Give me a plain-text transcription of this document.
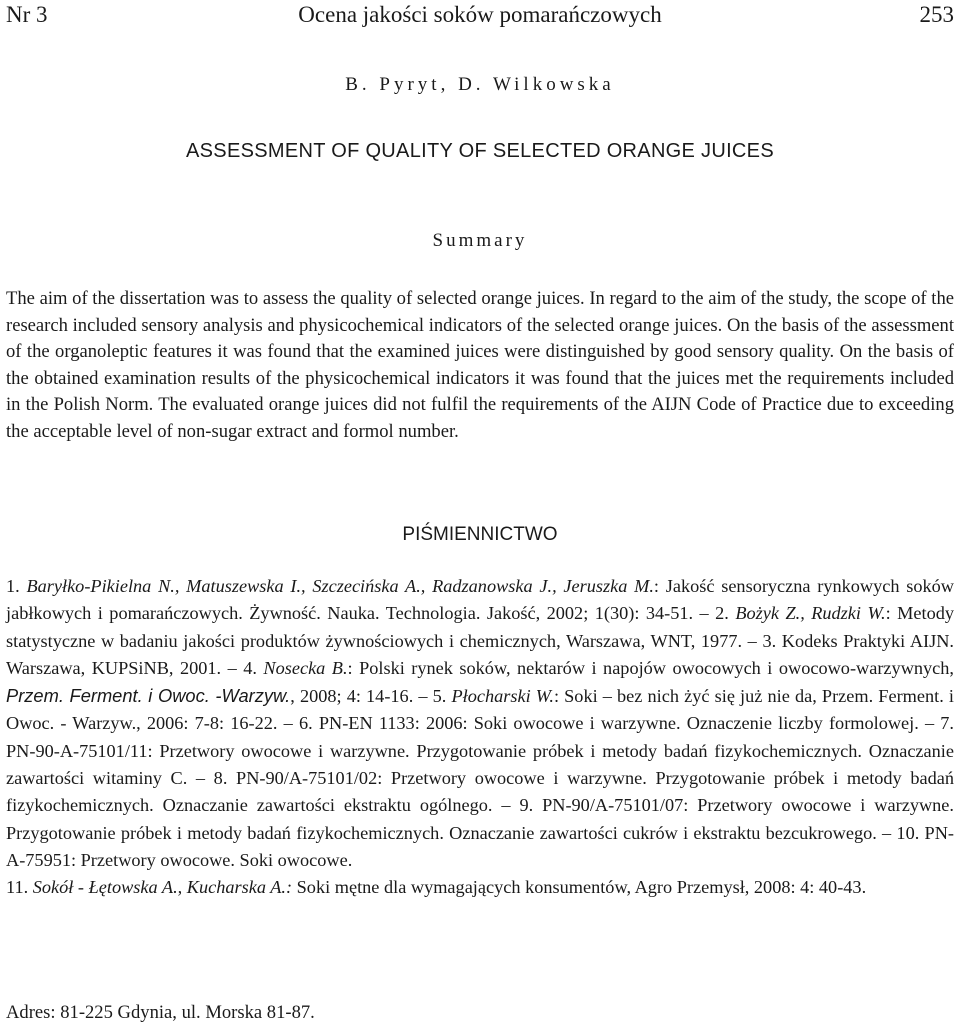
Nr 3	Ocena jakości soków pomarańczowych	253
B. Pyryt, D. Wilkowska
ASSESSMENT OF QUALITY OF SELECTED ORANGE JUICES
Summary

The aim of the dissertation was to assess the quality of selected orange juices. In regard to the aim of the study, the scope of the research included sensory analysis and physicochemical indicators of the selected orange juices. On the basis of the assessment of the organoleptic features it was found that the examined juices were distinguished by good sensory quality. On the basis of the obtained examination results of the physicochemical indicators it was found that the juices met the requirements included in the Polish Norm. The evaluated orange juices did not fulfil the requirements of the AIJN Code of Practice due to exceeding the acceptable level of non-sugar extract and formol number.

PIŚMIENNICTWO

1. Baryłko-Pikielna N., Matuszewska I., Szczecińska A., Radzanowska J., Jeruszka M.: Jakość sensoryczna rynkowych soków jabłkowych i pomarańczowych. Żywność. Nauka. Technologia. Jakość, 2002; 1(30): 34-51. – 2. Bożyk Z., Rudzki W.: Metody statystyczne w badaniu jakości produktów żywnościowych i chemicznych, Warszawa, WNT, 1977. – 3. Kodeks Praktyki AIJN. Warszawa, KUPSiNB, 2001. – 4. Nosecka B.: Polski rynek soków, nektarów i napojów owocowych i owocowo-warzywnych, Przem. Ferment. i Owoc. -Warzyw., 2008; 4: 14-16. – 5. Płocharski W.: Soki – bez nich żyć się już nie da, Przem. Ferment. i Owoc. - Warzyw., 2006: 7-8: 16-22. – 6. PN-EN 1133: 2006: Soki owocowe i warzywne. Oznaczenie liczby formolowej. – 7. PN-90-A-75101/11: Przetwory owocowe i warzywne. Przygotowanie próbek i metody badań fizykochemicznych. Oznaczanie zawartości witaminy C. – 8. PN-90/A-75101/02: Przetwory owocowe i warzywne. Przygotowanie próbek i metody badań fizykochemicznych. Oznaczanie zawartości ekstraktu ogólnego. – 9. PN-90/A-75101/07: Przetwory owocowe i warzywne. Przygotowanie próbek i metody badań fizykochemicznych. Oznaczanie zawartości cukrów i ekstraktu bezcukrowego. – 10. PN-A-75951: Przetwory owocowe. Soki owocowe.

11. Sokół - Łętowska A., Kucharska A.: Soki mętne dla wymagających konsumentów, Agro Przemysł, 2008: 4: 40-43.

Adres: 81-225 Gdynia, ul. Morska 81-87.
